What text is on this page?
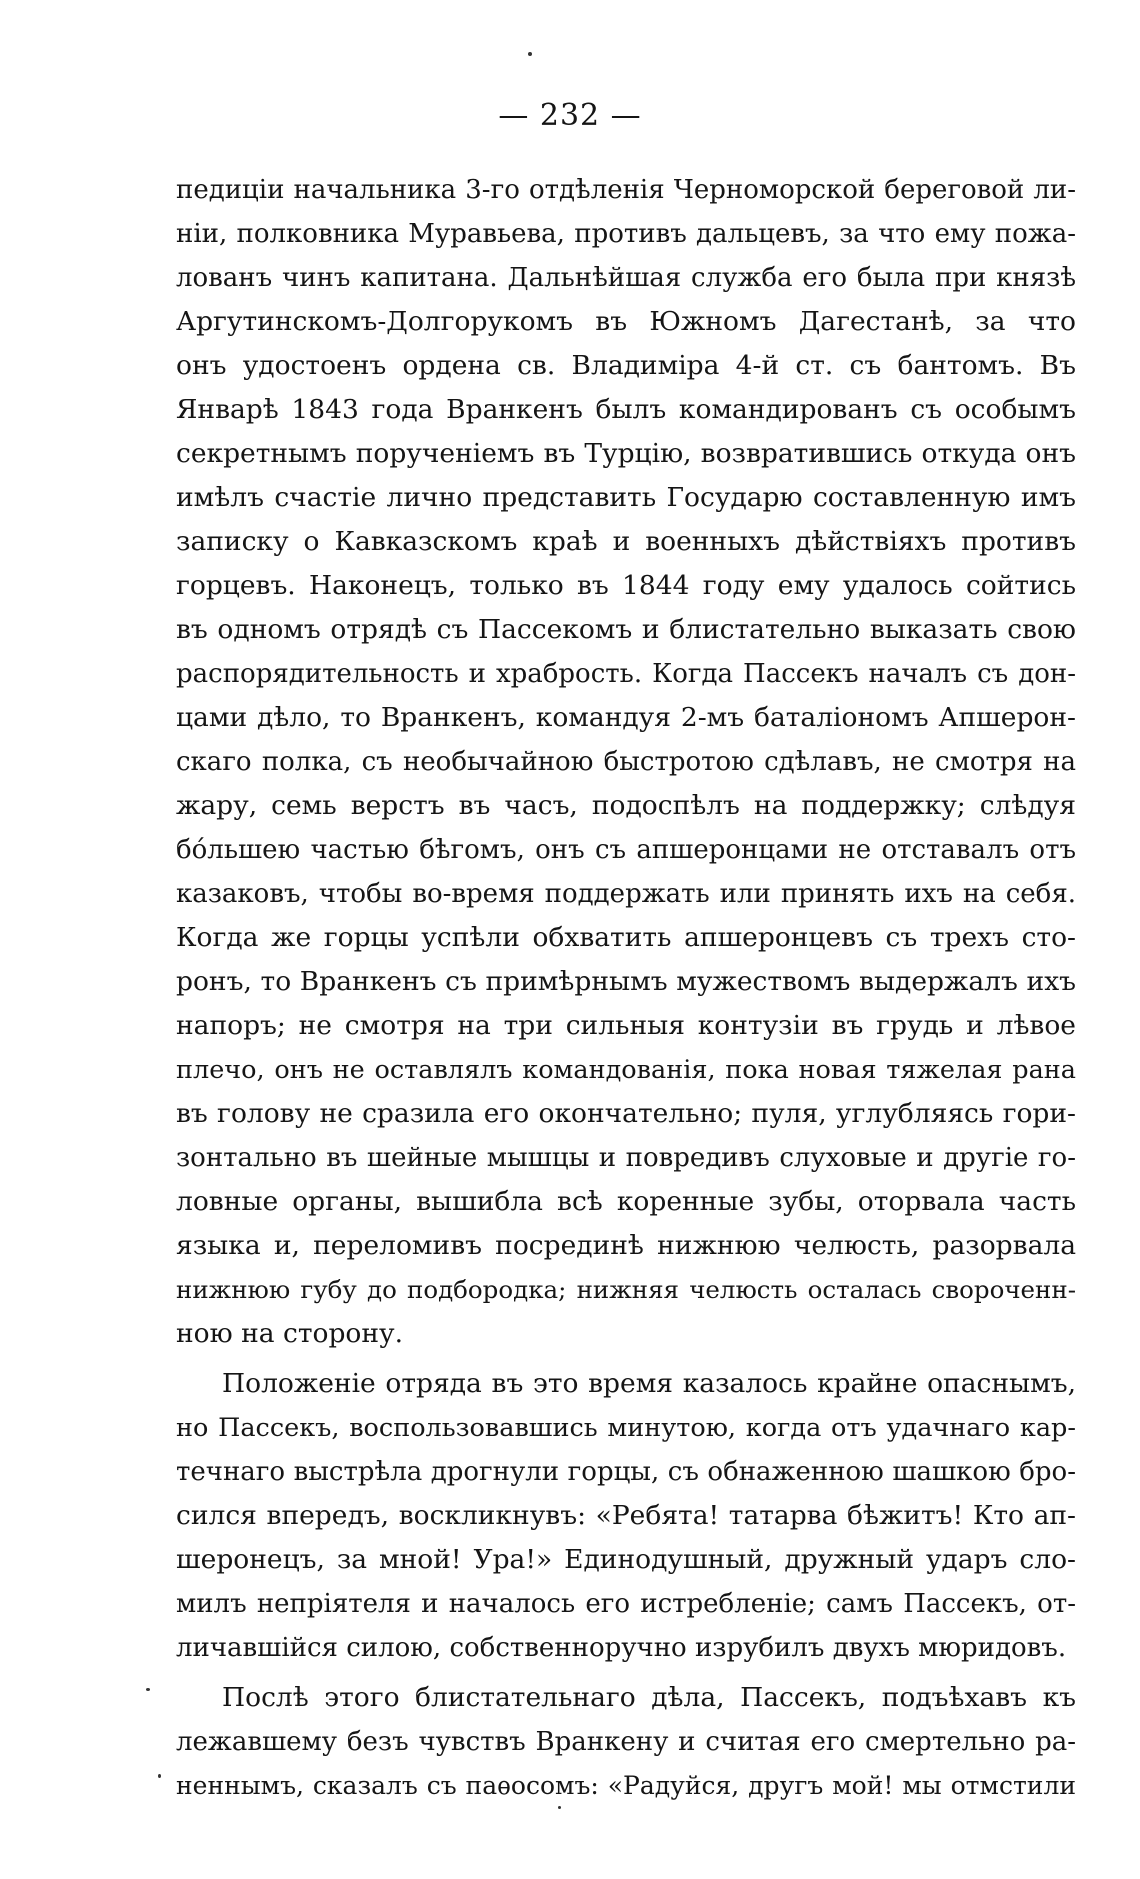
— 232 —
педиціи начальника 3-го отдѣленія Черноморской береговой ли-
ніи, полковника Муравьева, противъ дальцевъ, за что ему пожа-
лованъ чинъ капитана. Дальнѣйшая служба его была при князѣ
Аргутинскомъ-Долгорукомъ въ Южномъ Дагестанѣ, за что
онъ удостоенъ ордена св. Владиміра 4-й ст. съ бантомъ. Въ
Январѣ 1843 года Вранкенъ былъ командированъ съ особымъ
секретнымъ порученіемъ въ Турцію, возвратившись откуда онъ
имѣлъ счастіе лично представить Государю составленную имъ
записку о Кавказскомъ краѣ и военныхъ дѣйствіяхъ противъ
горцевъ. Наконецъ, только въ 1844 году ему удалось сойтись
въ одномъ отрядѣ съ Пассекомъ и блистательно выказать свою
распорядительность и храбрость. Когда Пассекъ началъ съ дон-
цами дѣло, то Вранкенъ, командуя 2-мъ баталіономъ Апшерон-
скаго полка, съ необычайною быстротою сдѣлавъ, не смотря на
жару, семь верстъ въ часъ, подоспѣлъ на поддержку; слѣдуя
бо́льшею частью бѣгомъ, онъ съ апшеронцами не отставалъ отъ
казаковъ, чтобы во-время поддержать или принять ихъ на себя.
Когда же горцы успѣли обхватить апшеронцевъ съ трехъ сто-
ронъ, то Вранкенъ съ примѣрнымъ мужествомъ выдержалъ ихъ
напоръ; не смотря на три сильныя контузіи въ грудь и лѣвое
плечо, онъ не оставлялъ командованія, пока новая тяжелая рана
въ голову не сразила его окончательно; пуля, углубляясь гори-
зонтально въ шейные мышцы и повредивъ слуховые и другіе го-
ловные органы, вышибла всѣ коренные зубы, оторвала часть
языка и, переломивъ посрединѣ нижнюю челюсть, разорвала
нижнюю губу до подбородка; нижняя челюсть осталась свороченн-
ною на сторону.
Положеніе отряда въ это время казалось крайне опаснымъ,
но Пассекъ, воспользовавшись минутою, когда отъ удачнаго кар-
течнаго выстрѣла дрогнули горцы, съ обнаженною шашкою бро-
сился впередъ, воскликнувъ: «Ребята! татарва бѣжитъ! Кто ап-
шеронецъ, за мной! Ура!» Единодушный, дружный ударъ сло-
милъ непріятеля и началось его истребленіе; самъ Пассекъ, от-
личавшійся силою, собственноручно изрубилъ двухъ мюридовъ.
Послѣ этого блистательнаго дѣла, Пассекъ, подъѣхавъ къ
лежавшему безъ чувствъ Вранкену и считая его смертельно ра-
неннымъ, сказалъ съ паѳосомъ: «Радуйся, другъ мой! мы отмстили
